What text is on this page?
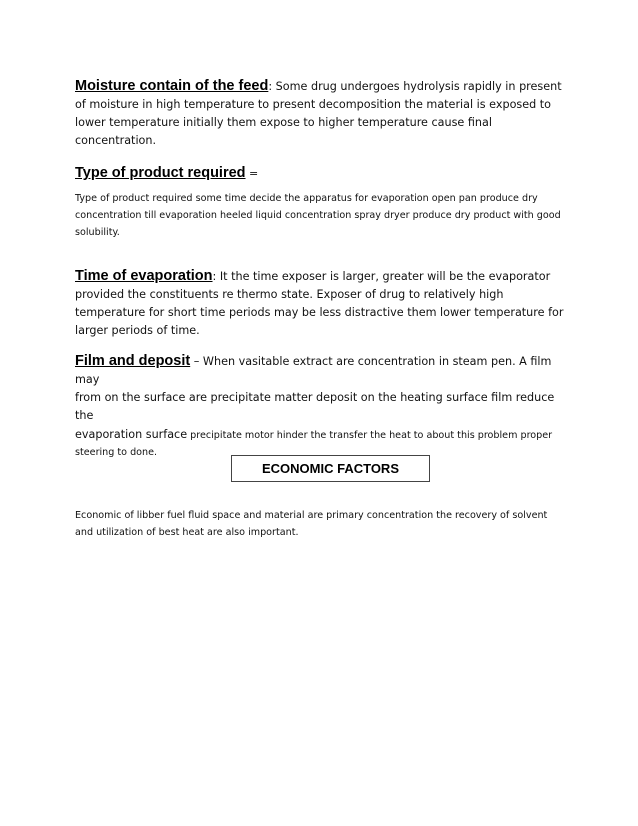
Moisture contain of the feed: Some drug undergoes hydrolysis rapidly in present of moisture in high temperature to present decomposition the material is exposed to lower temperature initially them expose to higher temperature cause final concentration.
Type of product required =
Type of product required some time decide the apparatus for evaporation open pan produce dry concentration till evaporation heeled liquid concentration spray dryer produce dry product with good solubility.
Time of evaporation: It the time exposer is larger, greater will be the evaporator provided the constituents re thermo state. Exposer of drug to relatively high temperature for short time periods may be less distractive them lower temperature for larger periods of time.
Film and deposit – When vasitable extract are concentration in steam pen. A film may
from on the surface are precipitate matter deposit on the heating surface film reduce the
evaporation surface precipitate motor hinder the transfer the heat to about this problem proper
steering to done.
ECONOMIC FACTORS
Economic of libber fuel fluid space and material are primary concentration the recovery of solvent and utilization of best heat are also important.
